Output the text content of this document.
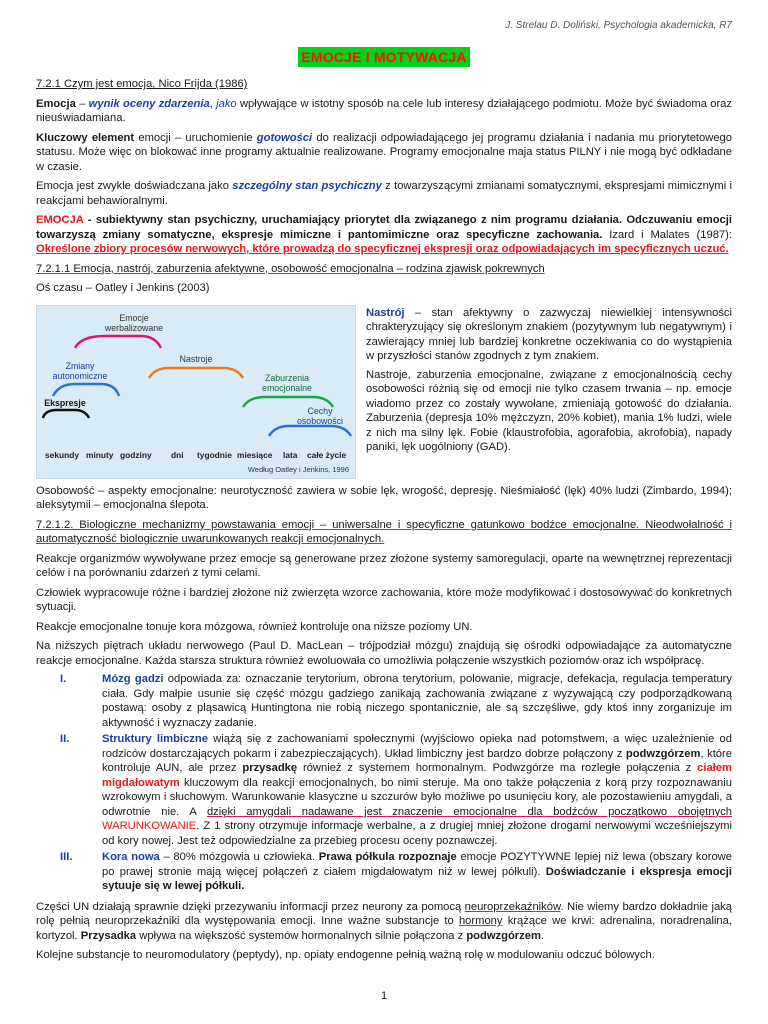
J. Strelau D. Doliński, Psychologia akademicka, R7
EMOCJE I MOTYWACJA

7.2.1 Czym jest emocja, Nico Frijda (1986)

Emocja – wynik oceny zdarzenia, jako wpływające w istotny sposób na cele lub interesy działającego podmiotu. Może być świadoma oraz nieuświadamiana.

Kluczowy element emocji – uruchomienie gotowości do realizacji odpowiadającego jej programu działania i nadania mu priorytetowego statusu. Może więc on blokować inne programy aktualnie realizowane. Programy emocjonalne maja status PILNY i nie mogą być odkładane w czasie.

Emocja jest zwykle doświadczana jako szczególny stan psychiczny z towarzyszącymi zmianami somatycznymi, ekspresjami mimicznymi i reakcjami behawioralnymi.

EMOCJA - subiektywny stan psychiczny, uruchamiający priorytet dla związanego z nim programu działania. Odczuwaniu emocji towarzyszą zmiany somatyczne, ekspresje mimiczne i pantomimiczne oraz specyficzne zachowania. Izard i Malates (1987): Określone zbiory procesów nerwowych, które prowadzą do specyficznej ekspresji oraz odpowiadających im specyficznych uczuć.

7.2.1.1 Emocja, nastrój, zaburzenia afektywne, osobowość emocjonalna – rodzina zjawisk pokrewnych

Oś czasu – Oatley i Jenkins (2003)

Emocje werbalizowane
Zmiany autonomiczne
Nastroje
Zaburzenia emocjonalne
Cechy osobowości
Ekspresje
sekundy minuty godziny dni tygodnie miesiące lata całe życie
Według Oatley i Jenkins, 1996

Nastrój – stan afektywny o zazwyczaj niewielkiej intensywności chrakteryzujący się określonym znakiem (pozytywnym lub negatywnym) i zawierający mniej lub bardziej konkretne oczekiwania co do wystąpienia w przyszłości stanów zgodnych z tym znakiem.

Nastroje, zaburzenia emocjonalne, związane z emocjonalnością cechy osobowości różnią się od emocji nie tylko czasem trwania – np. emocje wiadomo przez co zostały wywołane, zmieniają gotowość do działania. Zaburzenia (depresja 10% mężczyzn, 20% kobiet), mania 1% ludzi, wiele z nich ma silny lęk. Fobie (klaustrofobia, agorafobia, akrofobia), napady paniki, lęk uogólniony (GAD).

Osobowość – aspekty emocjonalne: neurotyczność zawiera w sobie lęk, wrogość, depresję. Nieśmiałość (lęk) 40% ludzi (Zimbardo, 1994); aleksytymii – emocjonalna ślepota.

7.2.1.2. Biologiczne mechanizmy powstawania emocji – uniwersalne i specyficzne gatunkowo bodźce emocjonalne. Nieodwołalność i automatyczność biologicznie uwarunkowanych reakcji emocjonalnych.

Reakcje organizmów wywoływane przez emocje są generowane przez złożone systemy samoregulacji, oparte na wewnętrznej reprezentacji celów i na porównaniu zdarzeń z tymi celami.

Człowiek wypracowuje różne i bardziej złożone niż zwierzęta wzorce zachowania, które może modyfikować i dostosowywać do konkretnych sytuacji.

Reakcje emocjonalne tonuje kora mózgowa, również kontroluje ona niższe poziomy UN.

Na niższych piętrach układu nerwowego (Paul D. MacLean – trójpodział mózgu) znajdują się ośrodki odpowiadające za automatyczne reakcje emocjonalne. Każda starsza struktura również ewoluowała co umożliwia połączenie wszystkich poziomów oraz ich współpracę.

I.	Mózg gadzi odpowiada za: oznaczanie terytorium, obrona terytorium, polowanie, migracje, defekacja, regulacja temperatury ciała. Gdy małpie usunie się część mózgu gadziego zanikają zachowania związane z wyzywającą czy podporządkowaną postawą: osoby z pląsawicą Huntingtona nie robią niczego spontanicznie, ale są szczęśliwe, gdy ktoś inny zorganizuje im aktywność i wyznaczy zadanie.

II.	Struktury limbiczne wiążą się z zachowaniami społecznymi (wyjściowo opieka nad potomstwem, a więc uzależnienie od rodziców dostarczających pokarm i zabezpieczających). Układ limbiczny jest bardzo dobrze połączony z podwzgórzem, które kontroluje AUN, ale przez przysadkę również z systemem hormonalnym. Podwzgórze ma rozległe połączenia z ciałem migdałowatym kluczowym dla reakcji emocjonalnych, bo nimi steruje. Ma ono także połączenia z korą przy rozpoznawaniu wzrokowym i słuchowym. Warunkowanie klasyczne u szczurów było możliwe po usunięciu kory, ale pozostawieniu amygdali, a odwrotnie nie. A dzięki amygdali nadawane jest znaczenie emocjonalne dla bodźców początkowo obojętnych WARUNKOWANIE. Z 1 strony otrzymuje informacje werbalne, a z drugiej mniej złożone drogami nerwowymi wcześniejszymi od kory nowej. Jest też odpowiedzialne za przebieg procesu oceny poznawczej.

III.	Kora nowa – 80% mózgowia u człowieka. Prawa półkula rozpoznaje emocje POZYTYWNE lepiej niż lewa (obszary korowe po prawej stronie mają więcej połączeń z ciałem migdałowatym niż w lewej półkuli). Doświadczanie i ekspresja emocji sytuuje się w lewej półkuli.

Części UN działają sprawnie dzięki przezywaniu informacji przez neurony za pomocą neuroprzekaźników. Nie wiemy bardzo dokładnie jaką rolę pełnią neuroprzekaźniki dla występowania emocji. Inne ważne substancje to hormony krążące we krwi: adrenalina, noradrenalina, kortyzol. Przysadka wpływa na większość systemów hormonalnych silnie połączona z podwzgórzem.

Kolejne substancje to neuromodulatory (peptydy), np. opiaty endogenne pełnią ważną rolę w modulowaniu odczuć bólowych.

1
